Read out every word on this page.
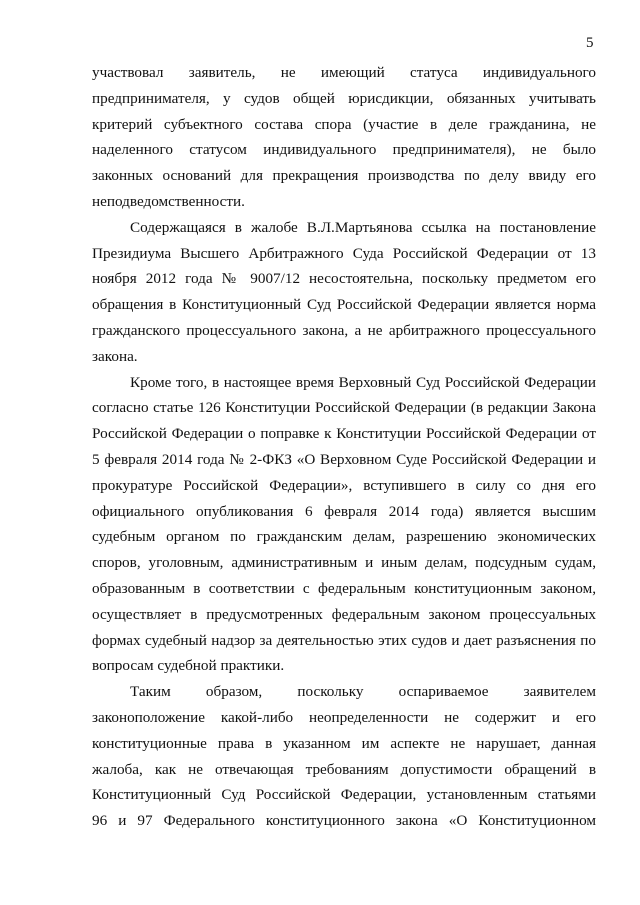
5
участвовал заявитель, не имеющий статуса индивидуального
предпринимателя, у судов общей юрисдикции, обязанных учитывать
критерий субъектного состава спора (участие в деле гражданина, не
наделенного статусом индивидуального предпринимателя), не было
законных оснований для прекращения производства по делу ввиду его
неподведомственности.
Содержащаяся в жалобе В.Л.Мартьянова ссылка на постановление
Президиума Высшего Арбитражного Суда Российской Федерации от 13
ноября 2012 года № 9007/12 несостоятельна, поскольку предметом его
обращения в Конституционный Суд Российской Федерации является норма
гражданского процессуального закона, а не арбитражного процессуального
закона.
Кроме того, в настоящее время Верховный Суд Российской Федерации
согласно статье 126 Конституции Российской Федерации (в редакции Закона
Российской Федерации о поправке к Конституции Российской Федерации от
5 февраля 2014 года № 2-ФКЗ «О Верховном Суде Российской Федерации и
прокуратуре Российской Федерации», вступившего в силу со дня его
официального опубликования 6 февраля 2014 года) является высшим
судебным органом по гражданским делам, разрешению экономических
споров, уголовным, административным и иным делам, подсудным судам,
образованным в соответствии с федеральным конституционным законом,
осуществляет в предусмотренных федеральным законом процессуальных
формах судебный надзор за деятельностью этих судов и дает разъяснения по
вопросам судебной практики.
Таким образом, поскольку оспариваемое заявителем
законоположение какой-либо неопределенности не содержит и его
конституционные права в указанном им аспекте не нарушает, данная
жалоба, как не отвечающая требованиям допустимости обращений в
Конституционный Суд Российской Федерации, установленным статьями
96 и 97 Федерального конституционного закона «О Конституционном
